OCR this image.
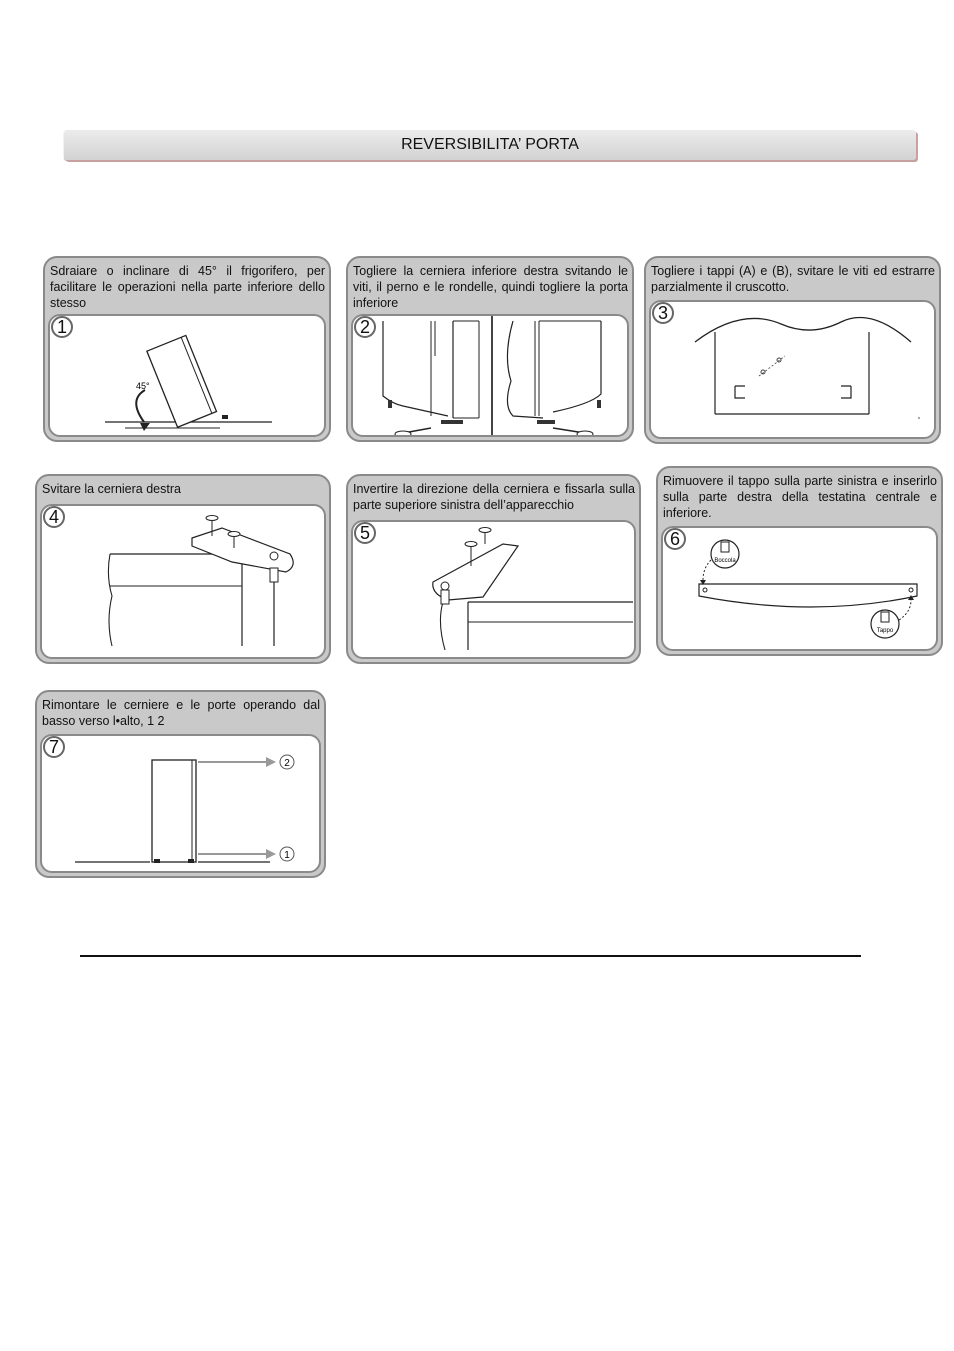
REVERSIBILITA’ PORTA
Sdraiare o inclinare di 45° il frigorifero, per facilitare le operazioni nella parte inferiore dello stesso
45°
1
Togliere la cerniera inferiore destra svitando le viti, il perno e le rondelle, quindi togliere la porta inferiore
2
Togliere i tappi (A) e (B), svitare le viti ed estrarre parzialmente il cruscotto.
3
Svitare la cerniera destra
4
Invertire la direzione della cerniera e fissarla sulla parte superiore sinistra dell’apparecchio
5
Rimuovere il tappo sulla parte sinistra e inserirlo sulla parte destra della testatina centrale e inferiore.
Boccola
Tappo
6
Rimontare le cerniere e le porte operando dal basso verso l•alto, 1 2
2
1
7
